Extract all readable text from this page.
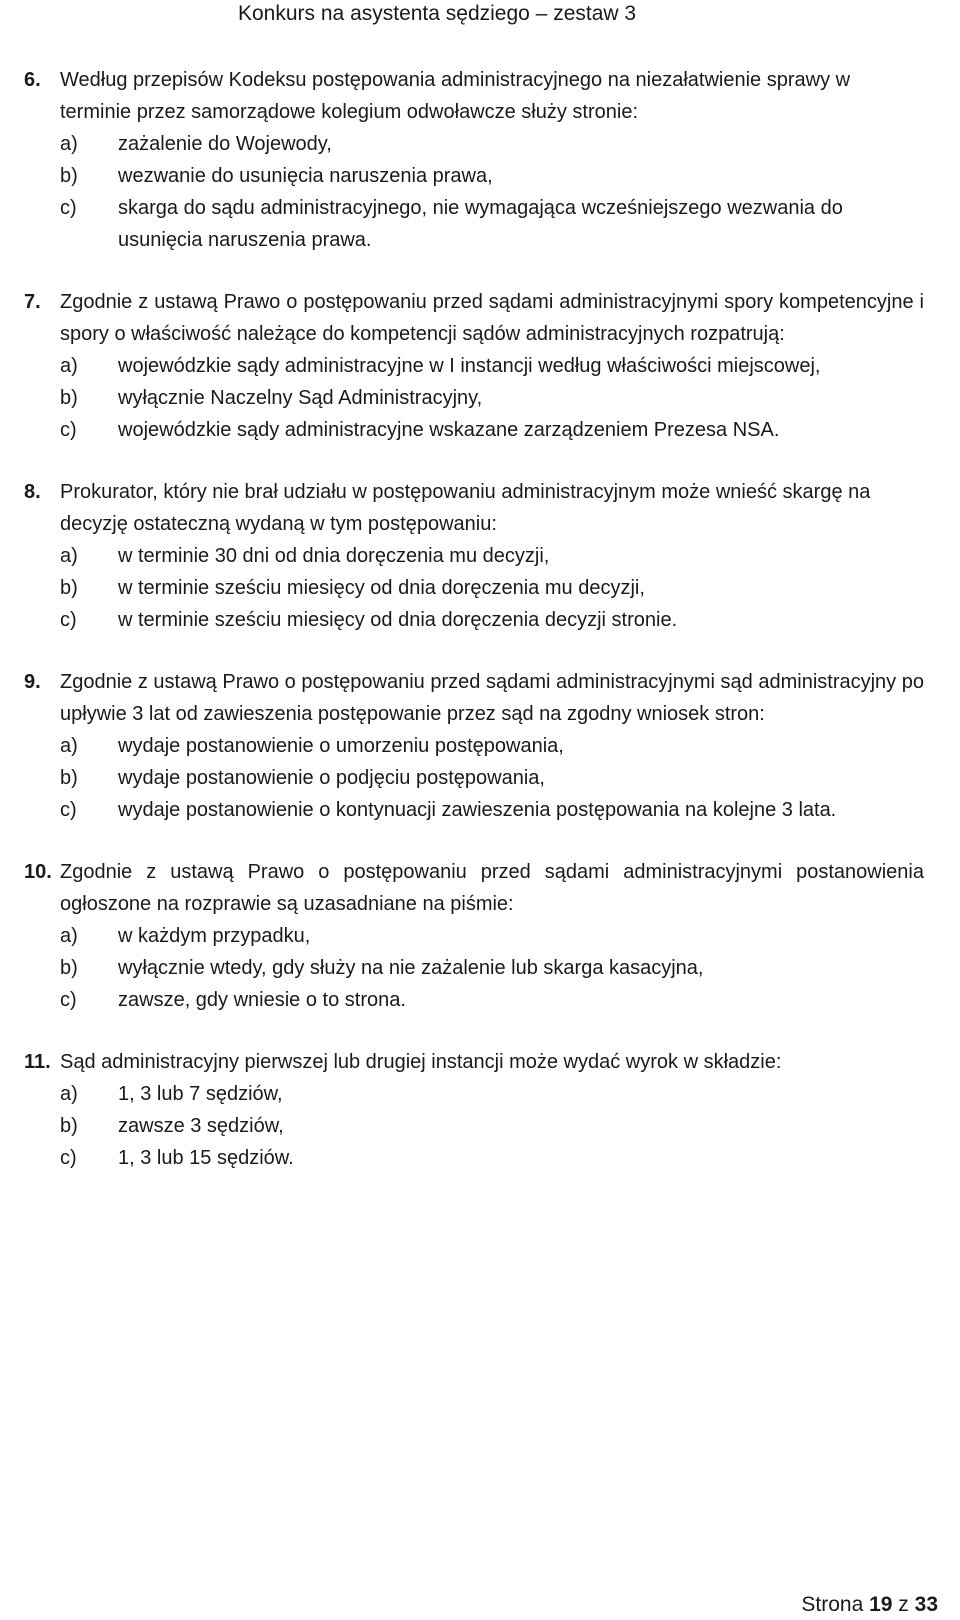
Konkurs na asystenta sędziego – zestaw 3
6. Według przepisów Kodeksu postępowania administracyjnego na niezałatwienie sprawy w terminie przez samorządowe kolegium odwoławcze służy stronie:
a)	zażalenie do Wojewody,
b)	wezwanie do usunięcia naruszenia prawa,
c)	skarga do sądu administracyjnego, nie wymagająca wcześniejszego wezwania do usunięcia naruszenia prawa.
7. Zgodnie z ustawą Prawo o postępowaniu przed sądami administracyjnymi spory kompetencyjne i spory o właściwość należące do kompetencji sądów administracyjnych rozpatrują:
a)	wojewódzkie sądy administracyjne w I instancji według właściwości miejscowej,
b)	wyłącznie Naczelny Sąd Administracyjny,
c)	wojewódzkie sądy administracyjne wskazane zarządzeniem Prezesa NSA.
8. Prokurator, który nie brał udziału w postępowaniu administracyjnym może wnieść skargę na decyzję ostateczną wydaną w tym postępowaniu:
a)	w terminie 30 dni od dnia doręczenia mu decyzji,
b)	w terminie sześciu miesięcy od dnia doręczenia mu decyzji,
c)	w terminie sześciu miesięcy od dnia doręczenia decyzji stronie.
9. Zgodnie z ustawą Prawo o postępowaniu przed sądami administracyjnymi sąd administracyjny po upływie 3 lat od zawieszenia postępowanie przez sąd na zgodny wniosek stron:
a)	wydaje postanowienie o umorzeniu postępowania,
b)	wydaje postanowienie o podjęciu postępowania,
c)	wydaje postanowienie o kontynuacji zawieszenia postępowania na kolejne 3 lata.
10. Zgodnie z ustawą Prawo o postępowaniu przed sądami administracyjnymi postanowienia ogłoszone na rozprawie są uzasadniane na piśmie:
a)	w każdym przypadku,
b)	wyłącznie wtedy, gdy służy na nie zażalenie lub skarga kasacyjna,
c)	zawsze, gdy wniesie o to strona.
11. Sąd administracyjny pierwszej lub drugiej instancji może wydać wyrok w składzie:
a)	1, 3 lub 7 sędziów,
b)	zawsze 3 sędziów,
c)	1, 3 lub 15 sędziów.
Strona 19 z 33
